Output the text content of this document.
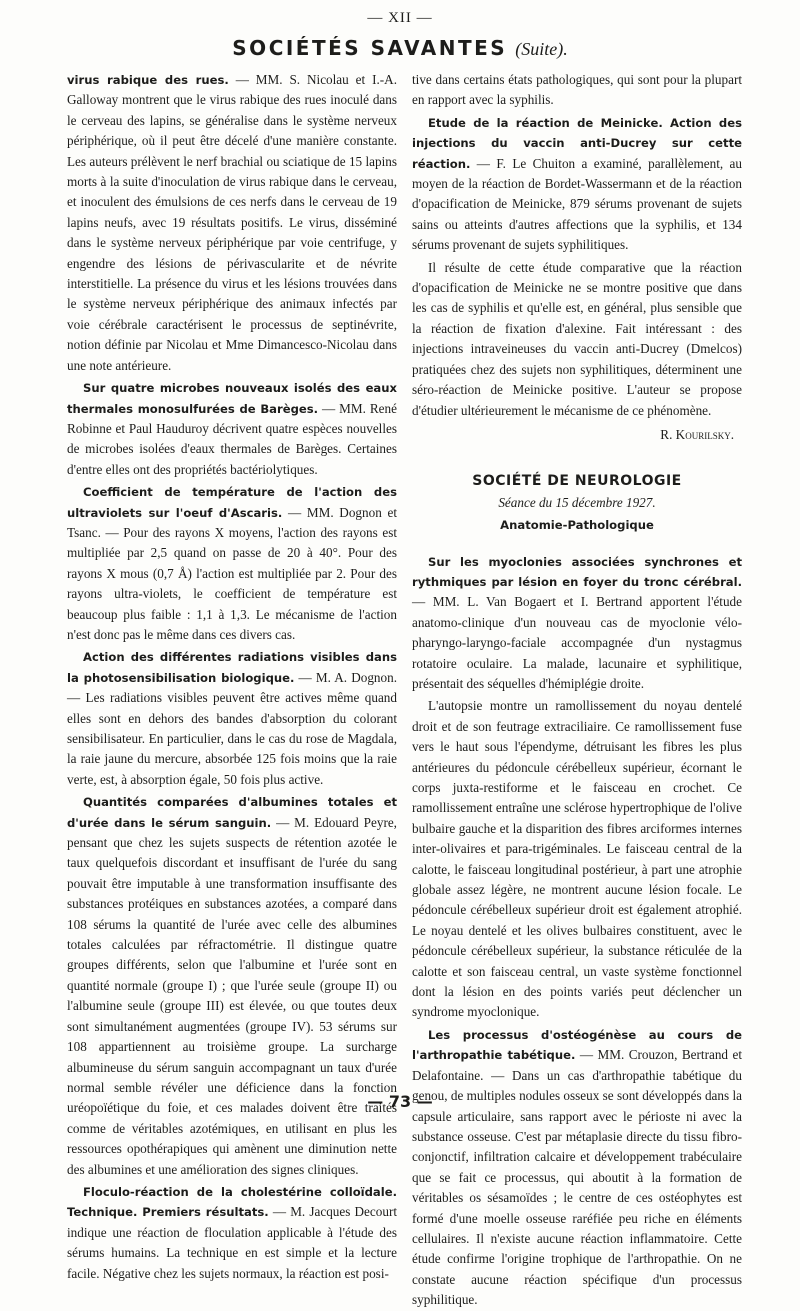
— XII —
SOCIÉTÉS SAVANTES (Suite).

virus rabique des rues. — MM. S. Nicolau et I.-A. Galloway montrent que le virus rabique des rues inoculé dans le cerveau des lapins, se généralise dans le système nerveux périphérique, où il peut être décelé d'une manière constante. Les auteurs prélèvent le nerf brachial ou sciatique de 15 lapins morts à la suite d'inoculation de virus rabique dans le cerveau, et inoculent des émulsions de ces nerfs dans le cerveau de 19 lapins neufs, avec 19 résultats positifs. Le virus, disséminé dans le système nerveux périphérique par voie centrifuge, y engendre des lésions de périvascularite et de névrite interstitielle. La présence du virus et les lésions trouvées dans le système nerveux périphérique des animaux infectés par voie cérébrale caractérisent le processus de septinévrite, notion définie par Nicolau et Mme Dimancesco-Nicolau dans une note antérieure.

Sur quatre microbes nouveaux isolés des eaux thermales monosulfurées de Barèges. — MM. René Robinne et Paul Hauduroy décrivent quatre espèces nouvelles de microbes isolées d'eaux thermales de Barèges. Certaines d'entre elles ont des propriétés bactériolytiques.

Coefficient de température de l'action des ultraviolets sur l'oeuf d'Ascaris. — MM. Dognon et Tsanc. — Pour des rayons X moyens, l'action des rayons est multipliée par 2,5 quand on passe de 20 à 40°. Pour des rayons X mous (0,7 Å) l'action est multipliée par 2. Pour des rayons ultra-violets, le coefficient de température est beaucoup plus faible : 1,1 à 1,3. Le mécanisme de l'action n'est donc pas le même dans ces divers cas.

Action des différentes radiations visibles dans la photosensibilisation biologique. — M. A. Dognon. — Les radiations visibles peuvent être actives même quand elles sont en dehors des bandes d'absorption du colorant sensibilisateur. En particulier, dans le cas du rose de Magdala, la raie jaune du mercure, absorbée 125 fois moins que la raie verte, est, à absorption égale, 50 fois plus active.

Quantités comparées d'albumines totales et d'urée dans le sérum sanguin. — M. Edouard Peyre, pensant que chez les sujets suspects de rétention azotée le taux quelquefois discordant et insuffisant de l'urée du sang pouvait être imputable à une transformation insuffisante des substances protéiques en substances azotées, a comparé dans 108 sérums la quantité de l'urée avec celle des albumines totales calculées par réfractométrie. Il distingue quatre groupes différents, selon que l'albumine et l'urée sont en quantité normale (groupe I) ; que l'urée seule (groupe II) ou l'albumine seule (groupe III) est élevée, ou que toutes deux sont simultanément augmentées (groupe IV). 53 sérums sur 108 appartiennent au troisième groupe. La surcharge albumineuse du sérum sanguin accompagnant un taux d'urée normal semble révéler une déficience dans la fonction uréopoïétique du foie, et ces malades doivent être traités comme de véritables azotémiques, en utilisant en plus les ressources opothérapiques qui amènent une diminution nette des albumines et une amélioration des signes cliniques.

Floculo-réaction de la cholestérine colloïdale. Technique. Premiers résultats. — M. Jacques Decourt indique une réaction de floculation applicable à l'étude des sérums humains. La technique en est simple et la lecture facile. Négative chez les sujets normaux, la réaction est posi-

tive dans certains états pathologiques, qui sont pour la plupart en rapport avec la syphilis.

Etude de la réaction de Meinicke. Action des injections du vaccin anti-Ducrey sur cette réaction. — F. Le Chuiton a examiné, parallèlement, au moyen de la réaction de Bordet-Wassermann et de la réaction d'opacification de Meinicke, 879 sérums provenant de sujets sains ou atteints d'autres affections que la syphilis, et 134 sérums provenant de sujets syphilitiques.

Il résulte de cette étude comparative que la réaction d'opacification de Meinicke ne se montre positive que dans les cas de syphilis et qu'elle est, en général, plus sensible que la réaction de fixation d'alexine. Fait intéressant : des injections intraveineuses du vaccin anti-Ducrey (Dmelcos) pratiquées chez des sujets non syphilitiques, déterminent une séro-réaction de Meinicke positive. L'auteur se propose d'étudier ultérieurement le mécanisme de ce phénomène.

R. Kourilsky.
SOCIÉTÉ DE NEUROLOGIE
Séance du 15 décembre 1927.
Anatomie-Pathologique

Sur les myoclonies associées synchrones et rythmiques par lésion en foyer du tronc cérébral. — MM. L. Van Bogaert et I. Bertrand apportent l'étude anatomo-clinique d'un nouveau cas de myoclonie vélo-pharyngo-laryngo-faciale accompagnée d'un nystagmus rotatoire oculaire. La malade, lacunaire et syphilitique, présentait des séquelles d'hémiplégie droite.

L'autopsie montre un ramollissement du noyau dentelé droit et de son feutrage extraciliaire. Ce ramollissement fuse vers le haut sous l'épendyme, détruisant les fibres les plus antérieures du pédoncule cérébelleux supérieur, écornant le corps juxta-restiforme et le faisceau en crochet. Ce ramollissement entraîne une sclérose hypertrophique de l'olive bulbaire gauche et la disparition des fibres arciformes internes inter-olivaires et para-trigéminales. Le faisceau central de la calotte, le faisceau longitudinal postérieur, à part une atrophie globale assez légère, ne montrent aucune lésion focale. Le pédoncule cérébelleux supérieur droit est également atrophié. Le noyau dentelé et les olives bulbaires constituent, avec le pédoncule cérébelleux supérieur, la substance réticulée de la calotte et son faisceau central, un vaste système fonctionnel dont la lésion en des points variés peut déclencher un syndrome myoclonique.

Les processus d'ostéogénèse au cours de l'arthropathie tabétique. — MM. Crouzon, Bertrand et Delafontaine. — Dans un cas d'arthropathie tabétique du genou, de multiples nodules osseux se sont développés dans la capsule articulaire, sans rapport avec le périoste ni avec la substance osseuse. C'est par métaplasie directe du tissu fibro-conjonctif, infiltration calcaire et développement trabéculaire que se fait ce processus, qui aboutit à la formation de véritables os sésamoïdes ; le centre de ces ostéophytes est formé d'une moelle osseuse raréfiée peu riche en éléments cellulaires. Il n'existe aucune réaction inflammatoire. Cette étude confirme l'origine trophique de l'arthropathie. On ne constate aucune réaction spécifique d'un processus syphilitique.

— 73 —
